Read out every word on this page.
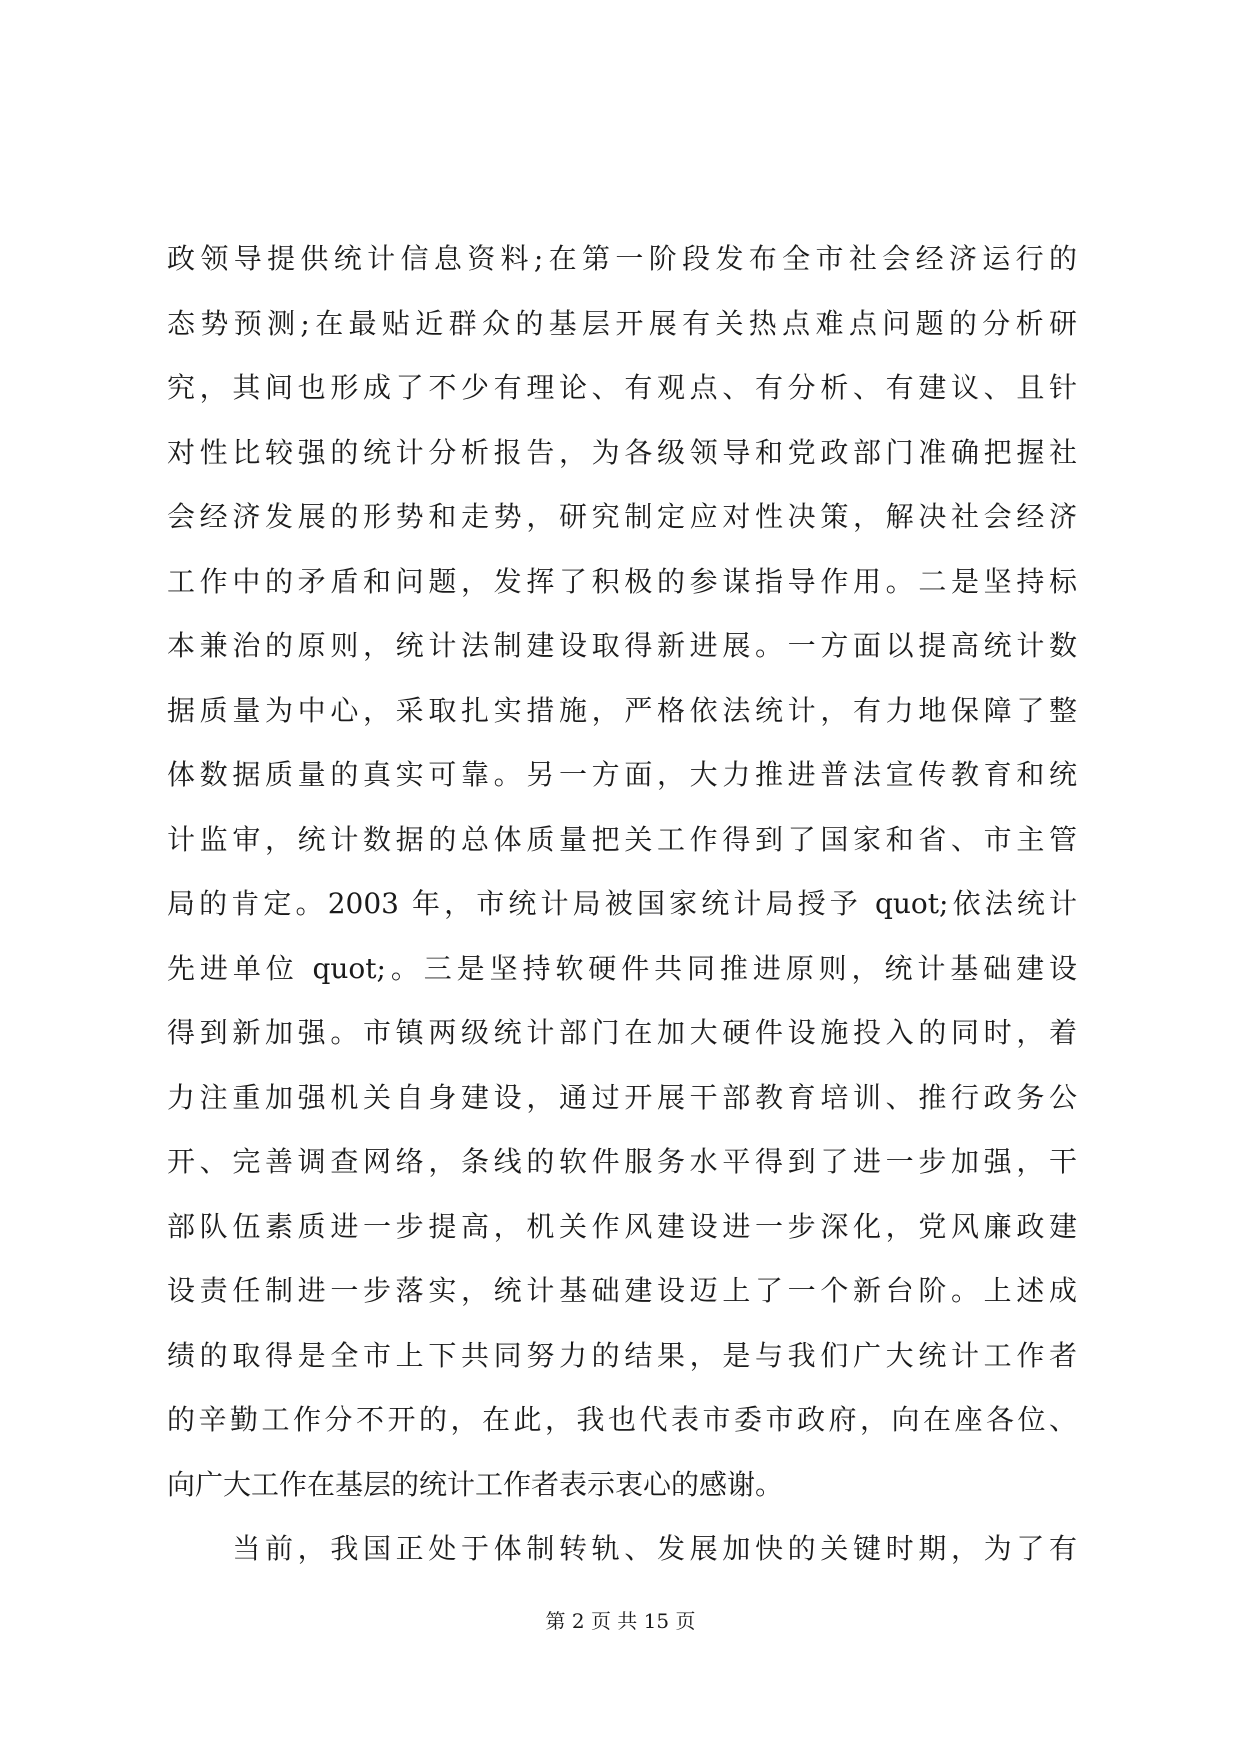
政领导提供统计信息资料;在第一阶段发布全市社会经济运行的
态势预测;在最贴近群众的基层开展有关热点难点问题的分析研
究，其间也形成了不少有理论、有观点、有分析、有建议、且针
对性比较强的统计分析报告，为各级领导和党政部门准确把握社
会经济发展的形势和走势，研究制定应对性决策，解决社会经济
工作中的矛盾和问题，发挥了积极的参谋指导作用。二是坚持标
本兼治的原则，统计法制建设取得新进展。一方面以提高统计数
据质量为中心，采取扎实措施，严格依法统计，有力地保障了整
体数据质量的真实可靠。另一方面，大力推进普法宣传教育和统
计监审，统计数据的总体质量把关工作得到了国家和省、市主管
局的肯定。2003 年，市统计局被国家统计局授予 quot;依法统计
先进单位 quot;。三是坚持软硬件共同推进原则，统计基础建设
得到新加强。市镇两级统计部门在加大硬件设施投入的同时，着
力注重加强机关自身建设，通过开展干部教育培训、推行政务公
开、完善调查网络，条线的软件服务水平得到了进一步加强，干
部队伍素质进一步提高，机关作风建设进一步深化，党风廉政建
设责任制进一步落实，统计基础建设迈上了一个新台阶。上述成
绩的取得是全市上下共同努力的结果，是与我们广大统计工作者
的辛勤工作分不开的，在此，我也代表市委市政府，向在座各位、
向广大工作在基层的统计工作者表示衷心的感谢。
　　当前，我国正处于体制转轨、发展加快的关键时期，为了有
第 2 页 共 15 页
